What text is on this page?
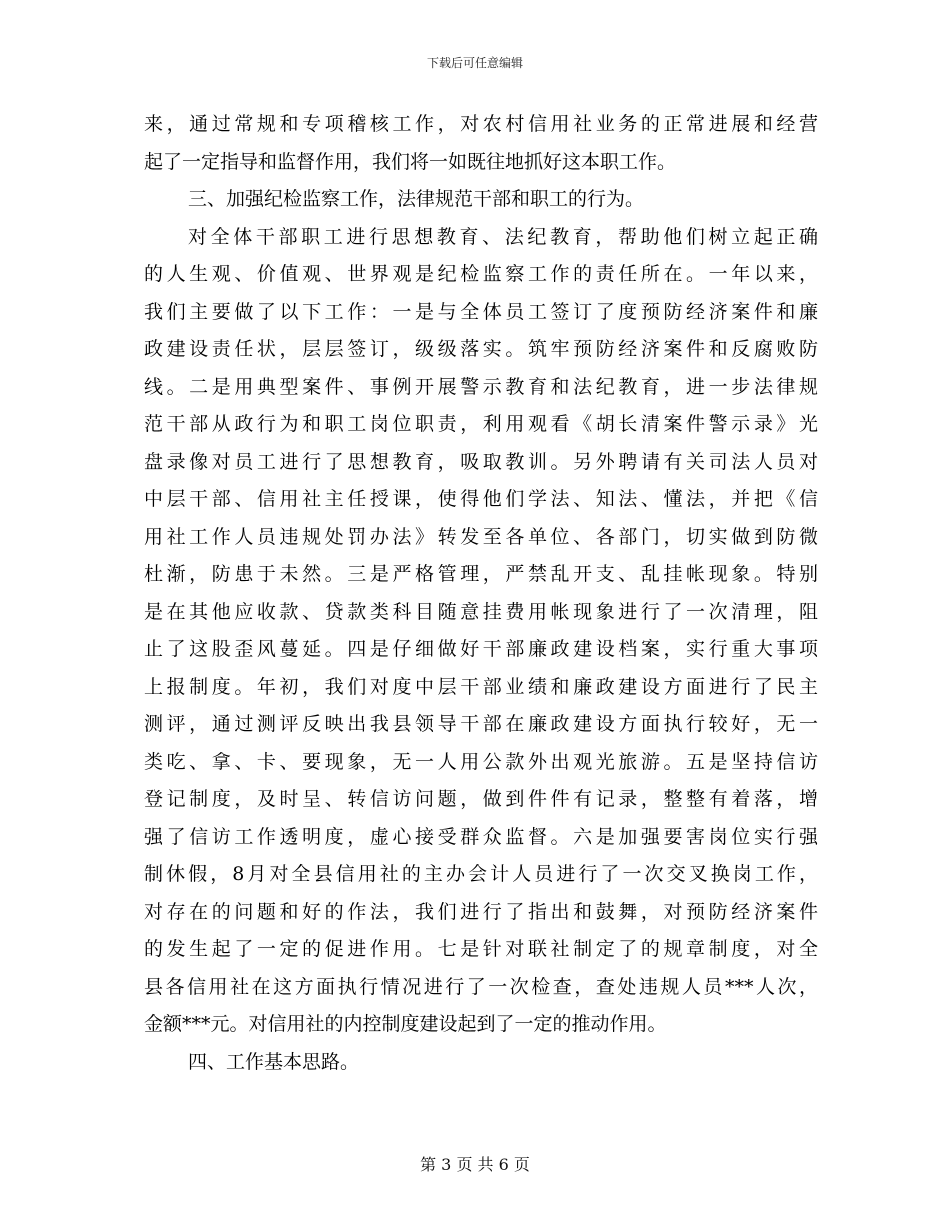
下载后可任意编辑
来，通过常规和专项稽核工作，对农村信用社业务的正常进展和经营
起了一定指导和监督作用，我们将一如既往地抓好这本职工作。
三、加强纪检监察工作，法律规范干部和职工的行为。
对全体干部职工进行思想教育、法纪教育，帮助他们树立起正确
的人生观、价值观、世界观是纪检监察工作的责任所在。一年以来，
我们主要做了以下工作：一是与全体员工签订了度预防经济案件和廉
政建设责任状，层层签订，级级落实。筑牢预防经济案件和反腐败防
线。二是用典型案件、事例开展警示教育和法纪教育，进一步法律规
范干部从政行为和职工岗位职责，利用观看《胡长清案件警示录》光
盘录像对员工进行了思想教育，吸取教训。另外聘请有关司法人员对
中层干部、信用社主任授课，使得他们学法、知法、懂法，并把《信
用社工作人员违规处罚办法》转发至各单位、各部门，切实做到防微
杜渐，防患于未然。三是严格管理，严禁乱开支、乱挂帐现象。特别
是在其他应收款、贷款类科目随意挂费用帐现象进行了一次清理，阻
止了这股歪风蔓延。四是仔细做好干部廉政建设档案，实行重大事项
上报制度。年初，我们对度中层干部业绩和廉政建设方面进行了民主
测评，通过测评反映出我县领导干部在廉政建设方面执行较好，无一
类吃、拿、卡、要现象，无一人用公款外出观光旅游。五是坚持信访
登记制度，及时呈、转信访问题，做到件件有记录，整整有着落，增
强了信访工作透明度，虚心接受群众监督。六是加强要害岗位实行强
制休假，8月对全县信用社的主办会计人员进行了一次交叉换岗工作，
对存在的问题和好的作法，我们进行了指出和鼓舞，对预防经济案件
的发生起了一定的促进作用。七是针对联社制定了的规章制度，对全
县各信用社在这方面执行情况进行了一次检查，查处违规人员***人次，
金额***元。对信用社的内控制度建设起到了一定的推动作用。
四、工作基本思路。
第 3 页 共 6 页
